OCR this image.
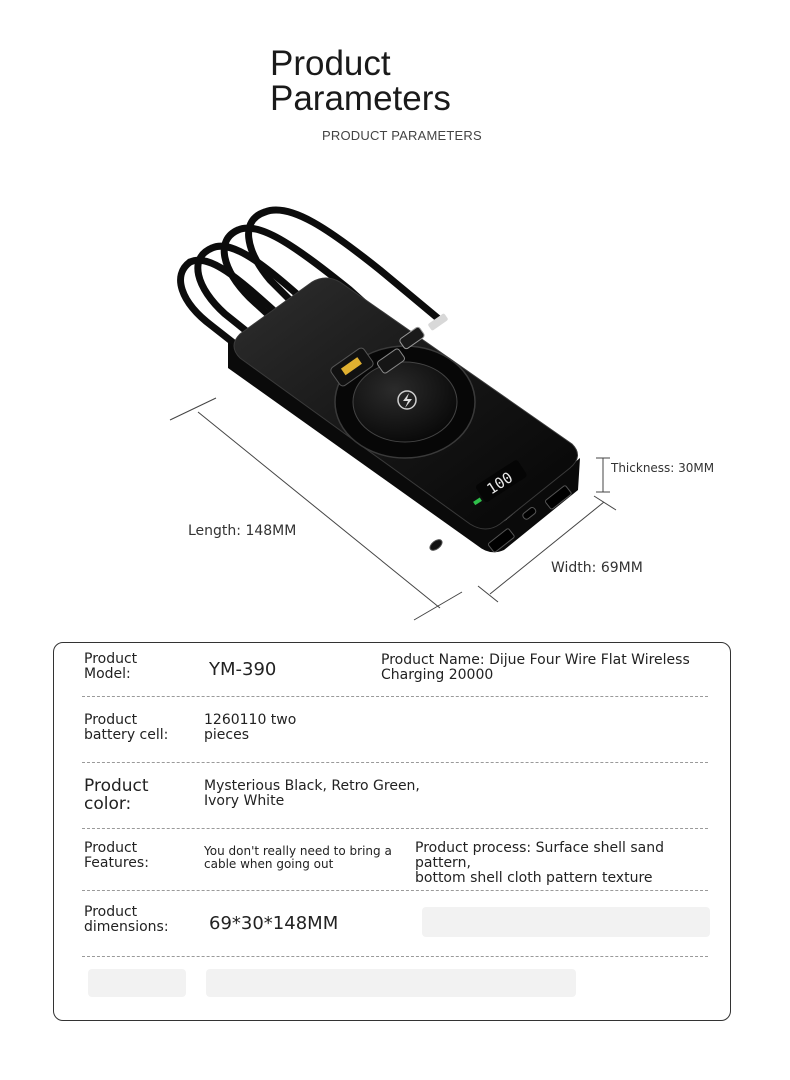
Product
Parameters
PRODUCT PARAMETERS
100
Length: 148MM
Width: 69MM
Thickness: 30MM
Product
Model:	YM-390	Product Name: Dijue Four Wire Flat Wireless
Charging 20000
Product
battery cell:
1260110 two
pieces
Product
color:
Mysterious Black, Retro Green,
Ivory White
Product
Features:
You don't really need to bring a
cable when going out
Product process: Surface shell sand pattern,
bottom shell cloth pattern texture
Product
dimensions: 69*30*148MM
